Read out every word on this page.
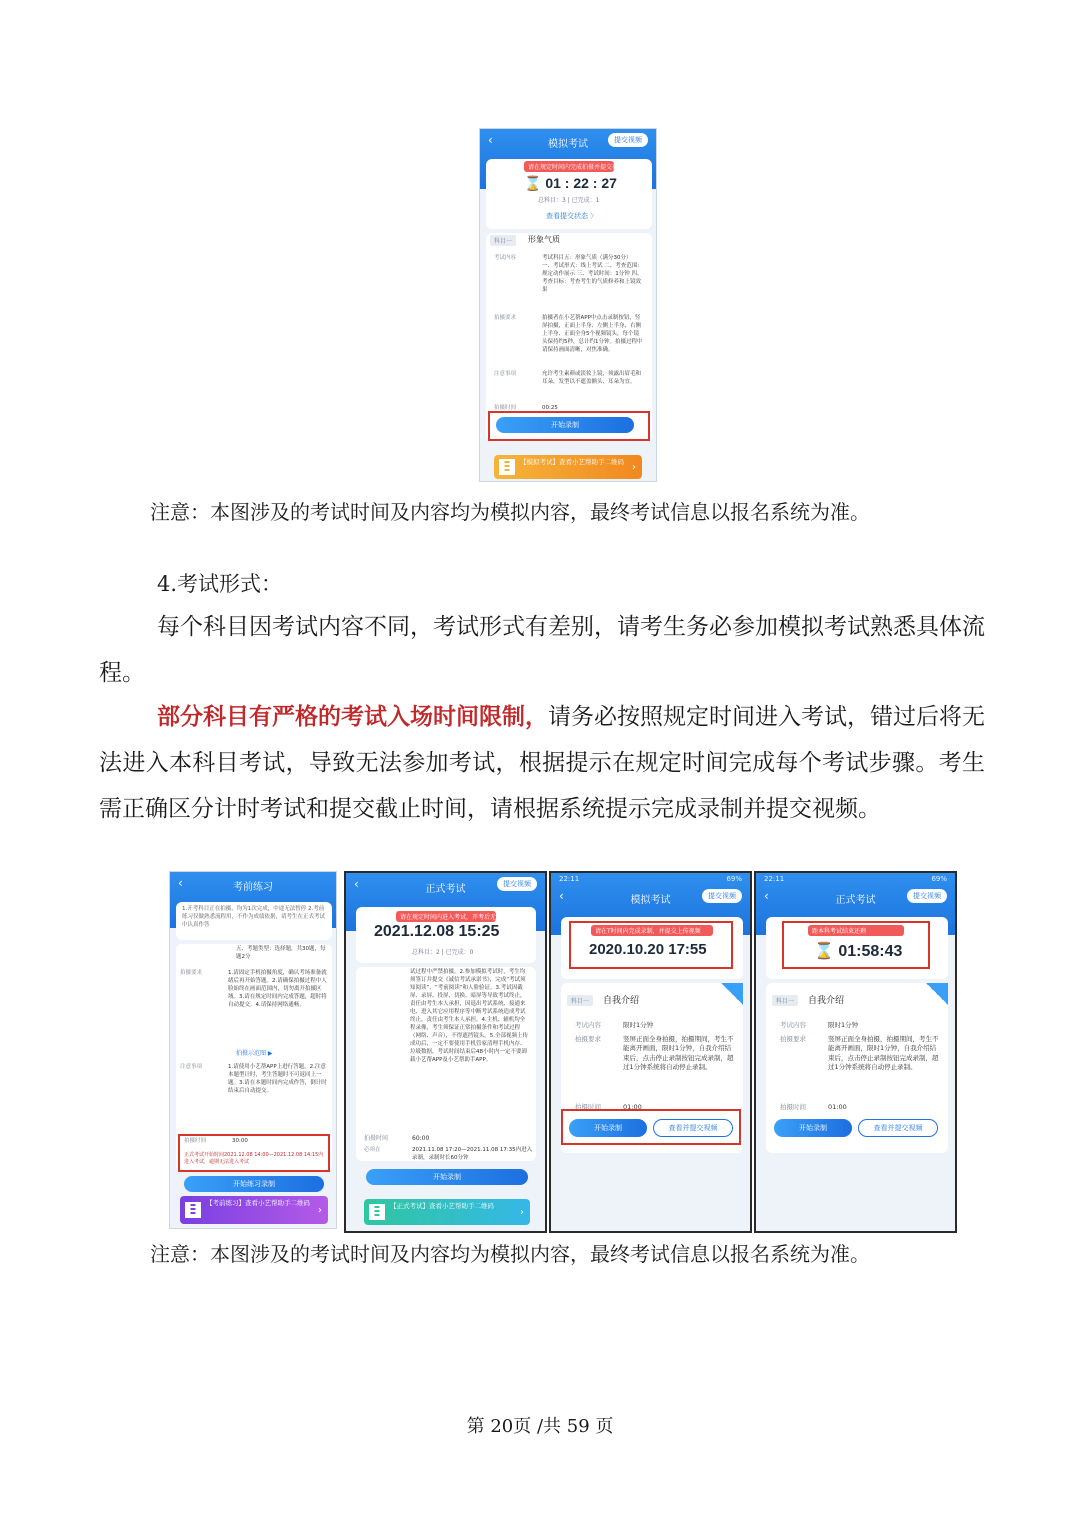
‹	模拟考试	提交视频
请在规定时间内完成拍摄并提交视频
⌛ 01 : 22 : 27
总科目：3 | 已完成：1
查看提交状态 〉
科目一	形象气质
考试内容	考试科目五：形象气质（满分30分） 一、考试形式：线上考试 二、考查范围：规定动作展示 三、考试时间：1分钟 四、考查目标：考查考生的气质修养和上镜效果
拍摄要求	拍摄者在小艺帮APP中点击录制按钮，竖屏拍摄，正面上半身、左侧上半身、右侧上半身、正面全身5个视频镜头，每个镜头保持约5秒，总计约1分钟。拍摄过程中请保持画面清晰，对焦准确。
注意事项	允许考生素颜或淡妆上镜，须露出眉毛和耳朵，发型以不遮盖额头、耳朵为宜。
拍摄时间	00:25
开始录制
【模拟考试】查看小艺帮助手二维码 ›
注意：本图涉及的考试时间及内容均为模拟内容，最终考试信息以报名系统为准。
4.考试形式：
每个科目因考试内容不同，考试形式有差别，请考生务必参加模拟考试熟悉具体流程。
部分科目有严格的考试入场时间限制，请务必按照规定时间进入考试，错过后将无法进入本科目考试，导致无法参加考试，根据提示在规定时间完成每个考试步骤。考生需正确区分计时考试和提交截止时间，请根据系统提示完成录制并提交视频。
‹	考前练习
1.开考科目正在拍摄，均为1次完成，中途无法暂停 2.考前练习仅做熟悉流程用，不作为成绩依据，请考生在正式考试中认真作答
五、考题类型：选择题，共30题，每题2分
拍摄要求	1.请固定手机拍摄角度，确认考场准备就绪后再开始答题。2.请确保拍摄过程中人脸始终在画面范围内，切勿离开拍摄区域。3.请在规定时间内完成答题，超时将自动提交。4.请保持网络通畅。
拍摄示范图 ▶
注意事项	1.请使用小艺帮APP上进行答题。2.注意本题型计时，考生答题时不可返回上一题。3.请在本题时间内完成作答，倒计时结束后自动提交。
拍摄时间	30:00
正式考试开始时间2021.12.08 14:00—2021.12.08 14:15内进入考试，逾期无法进入考试
开始练习录制
【考前练习】查看小艺帮助手二维码
›
‹	正式考试	提交视频
请在规定时间内进入考试，开考后无法进入
2021.12.08 15:25
总科目：2 | 已完成：0
试过程中严禁拍摄。2.参加模拟考试时，考生均须签订并提交《诚信考试承诺书》，完成“考试须知阅读”、“考前阅读”和人脸验证。3.考试因截屏、录屏、投屏、切换、暗屏等导致考试终止，责任由考生本人承担，因退出考试系统、接通来电、进入其它应用程序等中断考试系统造成考试终止，责任由考生本人承担。4.主机、辅机均全程录像，考生须保证正常拍摄条件和考试过程（网络、声音），不得遮挡镜头。5.全部视频上传成功后，一定不要使用手机管家清理手机内存、垃圾数据，考试时间结束后48小时内一定不要卸载小艺帮APP及小艺帮助手APP。
拍摄时间	60:00
必须在	2021.11.08 17:20—2021.11.08 17:35内进入录制，录制时长60分钟
开始录制
【正式考试】查看小艺帮助手二维码
›
22:11	69%
‹	模拟考试	提交视频
请在T时间内完成录制，并提交上传视频
2020.10.20 17:55
科目一	自我介绍
考试内容	限时1分钟
拍摄要求	竖屏正面全身拍摄，拍摄期间，考生不能离开画面，限时1分钟，自我介绍结束后，点击停止录制按钮完成录制，超过1分钟系统将自动停止录制。
拍摄时间	01:00
开始录制	查看并提交视频
22:11	69%
‹	正式考试	提交视频
距本科考试结束还剩
⌛ 01:58:43
科目一	自我介绍
考试内容	限时1分钟
拍摄要求	竖屏正面全身拍摄，拍摄期间，考生不能离开画面，限时1分钟，自我介绍结束后，点击停止录制按钮完成录制，超过1分钟系统将自动停止录制。
拍摄时间	01:00
开始录制	查看并提交视频
注意：本图涉及的考试时间及内容均为模拟内容，最终考试信息以报名系统为准。
第 20页 /共 59 页
